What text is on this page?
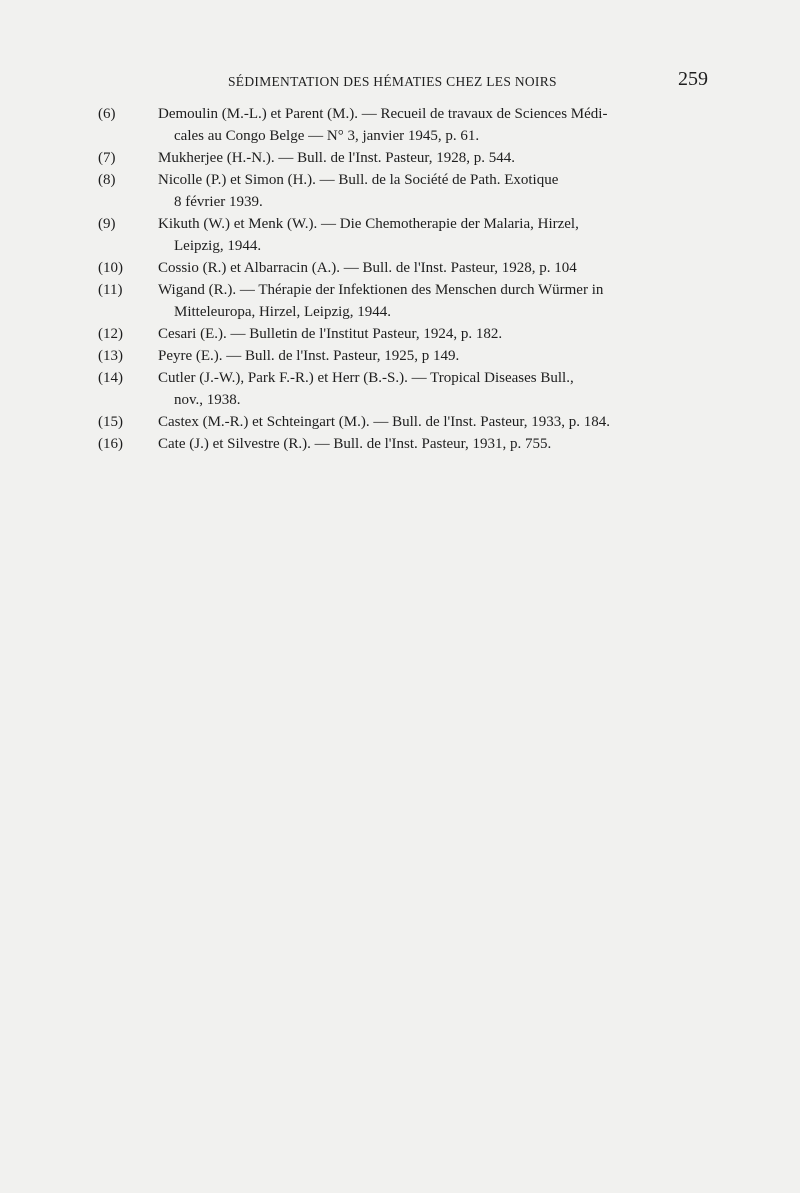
SÉDIMENTATION DES HÉMATIES CHEZ LES NOIRS	259
(6)	Demoulin (M.-L.) et Parent (M.). — Recueil de travaux de Sciences Médi-
cales au Congo Belge — N° 3, janvier 1945, p. 61.
(7)	Mukherjee (H.-N.). — Bull. de l'Inst. Pasteur, 1928, p. 544.
(8)	Nicolle (P.) et Simon (H.). — Bull. de la Société de Path. Exotique
8 février 1939.
(9)	Kikuth (W.) et Menk (W.). — Die Chemotherapie der Malaria, Hirzel,
Leipzig, 1944.
(10)	Cossio (R.) et Albarracin (A.). — Bull. de l'Inst. Pasteur, 1928, p. 104
(11)	Wigand (R.). — Thérapie der Infektionen des Menschen durch Würmer in
Mitteleuropa, Hirzel, Leipzig, 1944.
(12)	Cesari (E.). — Bulletin de l'Institut Pasteur, 1924, p. 182.
(13)	Peyre (E.). — Bull. de l'Inst. Pasteur, 1925, p 149.
(14)	Cutler (J.-W.), Park F.-R.) et Herr (B.-S.). — Tropical Diseases Bull.,
nov., 1938.
(15)	Castex (M.-R.) et Schteingart (M.). — Bull. de l'Inst. Pasteur, 1933, p. 184.
(16)	Cate (J.) et Silvestre (R.). — Bull. de l'Inst. Pasteur, 1931, p. 755.
